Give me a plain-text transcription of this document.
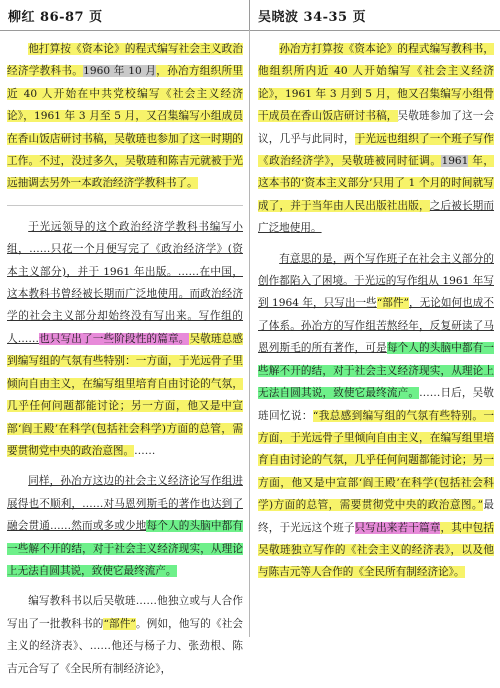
柳红 86-87 页	吴晓波 34-35 页

他打算按《资本论》的程式编写社会主义政治经济学教科书。1960 年 10 月，孙冶方组织所里近 40 人开始在中共党校编写《社会主义经济论》，1961 年 3 月至 5 月，又召集编写小组成员在香山饭店研讨书稿，吴敬琏也参加了这一时期的工作。不过，没过多久，吴敬琏和陈吉元就被于光远抽调去另外一本政治经济学教科书了。

于光远领导的这个政治经济学教科书编写小组，……只花一个月便写完了《政治经济学》(资本主义部分)，并于 1961 年出版。……在中国，这本教科书曾经被长期而广泛地使用。而政治经济学的社会主义部分却始终没有写出来。写作组的人……也只写出了一些阶段性的篇章。吴敬琏总感到编写组的气氛有些特别：一方面，于光远骨子里倾向自由主义，在编写组里培育自由讨论的气氛，几乎任何问题都能讨论；另一方面，他又是中宣部‘阎王殿’在科学(包括社会科学)方面的总管，需要贯彻党中央的政治意图。……

同样，孙冶方这边的社会主义经济论写作组进展得也不顺利，……对马恩列斯毛的著作也达到了融会贯通……然而或多或少地每个人的头脑中都有一些解不开的结，对于社会主义经济现实，从理论上无法自圆其说，致使它最终流产。

编写教科书以后吴敬琏……他独立或与人合作写出了一批教科书的“部件”。例如，他写的《社会主义的经济表》、……他还与杨子力、张劲根、陈吉元合写了《全民所有制经济论》，

孙冶方打算按《资本论》的程式编写教科书，他组织所内近 40 人开始编写《社会主义经济论》，1961 年 3 月到 5 月，他又召集编写小组骨干成员在香山饭店研讨书稿，吴敬琏参加了这一会议，几乎与此同时，于光远也组织了一个班子写作《政治经济学》，吴敬琏被同时征调。1961 年，这本书的‘资本主义部分’只用了 1 个月的时间就写成了，并于当年由人民出版社出版，之后被长期而广泛地使用。

有意思的是，两个写作班子在社会主义部分的创作都陷入了困境。于光远的写作组从 1961 年写到 1964 年，只写出一些“部件”，无论如何也成不了体系。孙冶方的写作组苦熬经年，反复研读了马恩列斯毛的所有著作，可是每个人的头脑中都有一些解不开的结，对于社会主义经济现实，从理论上无法自圆其说，致使它最终流产。……日后，吴敬琏回忆说：“我总感到编写组的气氛有些特别。一方面，于光远骨子里倾向自由主义，在编写组里培育自由讨论的气氛，几乎任何问题都能讨论；另一方面，他又是中宣部‘阎王殿’在科学(包括社会科学)方面的总管，需要贯彻党中央的政治意图。”最终，于光远这个班子只写出来若干篇章，其中包括吴敬琏独立写作的《社会主义的经济表》，以及他与陈吉元等人合作的《全民所有制经济论》。
